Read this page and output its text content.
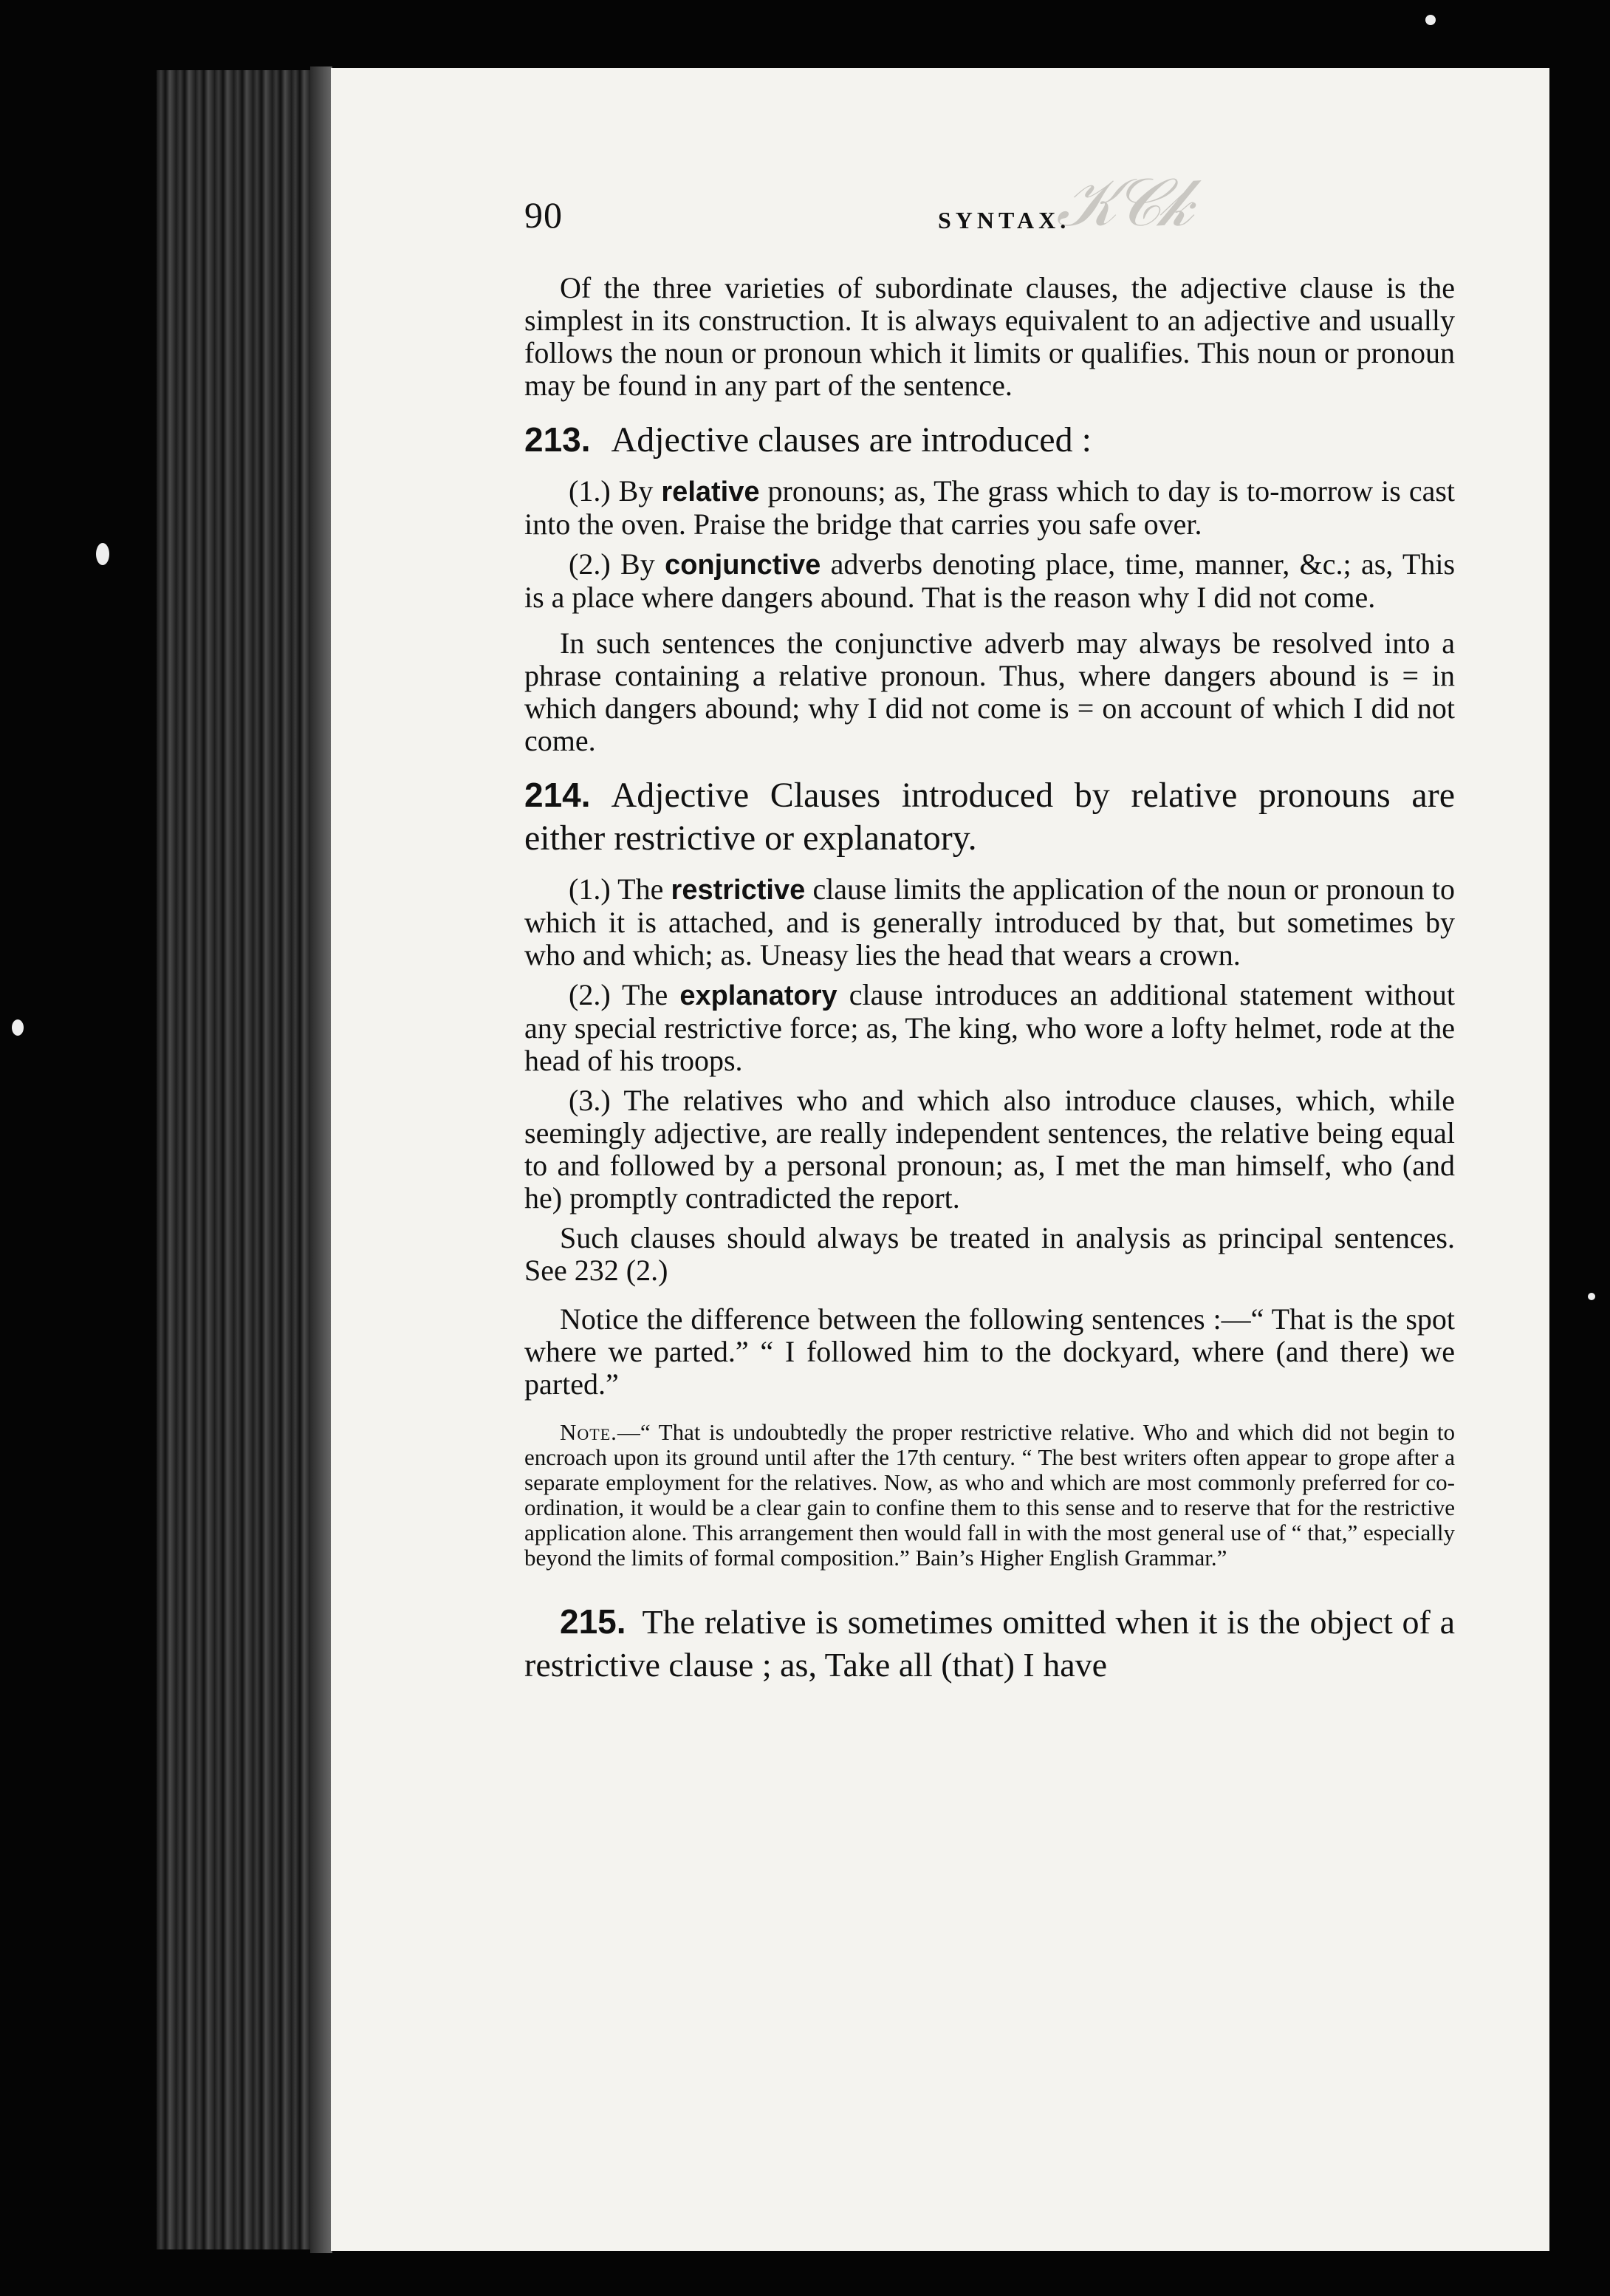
90	𝒦𝒞𝓀
SYNTAX.

Of the three varieties of subordinate clauses, the adjective clause is the simplest in its construction. It is always equivalent to an adjective and usually follows the noun or pronoun which it limits or qualifies. This noun or pronoun may be found in any part of the sentence.

213. Adjective clauses are introduced :

(1.) By relative pronouns; as, The grass which to day is to-morrow is cast into the oven. Praise the bridge that carries you safe over.

(2.) By conjunctive adverbs denoting place, time, manner, &c.; as, This is a place where dangers abound. That is the reason why I did not come.

In such sentences the conjunctive adverb may always be resolved into a phrase containing a relative pronoun. Thus, where dangers abound is = in which dangers abound; why I did not come is = on account of which I did not come.

214. Adjective Clauses introduced by relative pronouns are either restrictive or explanatory.

(1.) The restrictive clause limits the application of the noun or pronoun to which it is attached, and is generally introduced by that, but sometimes by who and which; as. Uneasy lies the head that wears a crown.

(2.) The explanatory clause introduces an additional statement without any special restrictive force; as, The king, who wore a lofty helmet, rode at the head of his troops.

(3.) The relatives who and which also introduce clauses, which, while seemingly adjective, are really independent sentences, the relative being equal to and followed by a personal pronoun; as, I met the man himself, who (and he) promptly contradicted the report.

Such clauses should always be treated in analysis as principal sentences. See 232 (2.)

Notice the difference between the following sentences :—“ That is the spot where we parted.” “ I followed him to the dockyard, where (and there) we parted.”

Note.—“ That is undoubtedly the proper restrictive relative. Who and which did not begin to encroach upon its ground until after the 17th century. “ The best writers often appear to grope after a separate employment for the relatives. Now, as who and which are most commonly preferred for co-ordination, it would be a clear gain to confine them to this sense and to reserve that for the restrictive application alone. This arrangement then would fall in with the most general use of “ that,” especially beyond the limits of formal composition.” Bain’s Higher English Grammar.”

215. The relative is sometimes omitted when it is the object of a restrictive clause ; as, Take all (that) I have
